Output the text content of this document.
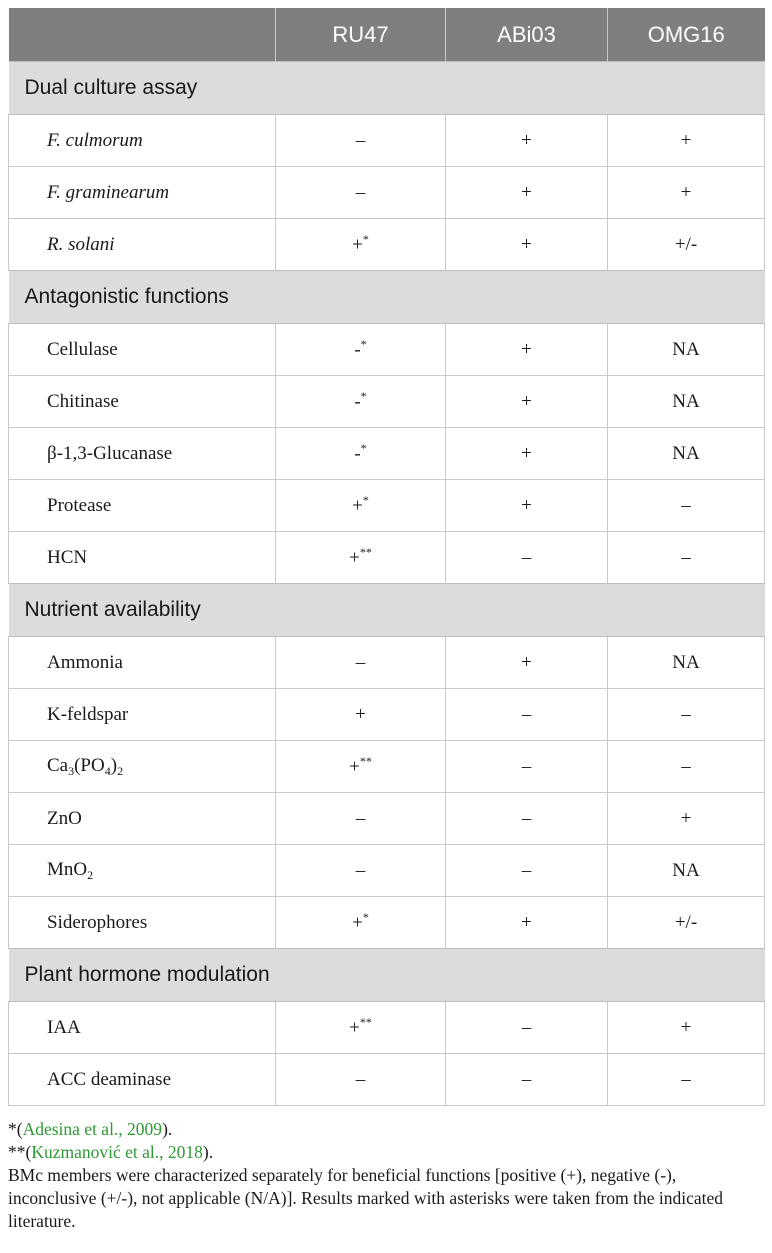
	RU47	ABi03	OMG16
Dual culture assay			
F. culmorum	–	+	+
F. graminearum	–	+	+
R. solani	+*	+	+/-
Antagonistic functions			
Cellulase	-*	+	NA
Chitinase	-*	+	NA
β-1,3-Glucanase	-*	+	NA
Protease	+*	+	–
HCN	+**	–	–
Nutrient availability			
Ammonia	–	+	NA
K-feldspar	+	–	–
$Ca_3(PO_4)_2$	+**	–	–
ZnO	–	–	+
MnO$_2$	–	–	NA
Siderophores	+*	+	+/-
Plant hormone modulation			
IAA	+**	–	+
ACC deaminase	–	–	–

*(Adesina et al., 2009).

**(Kuzmanović et al., 2018).

BMc members were characterized separately for beneficial functions [positive (+), negative (-), inconclusive (+/-), not applicable (N/A)]. Results marked with asterisks were taken from the indicated literature.
